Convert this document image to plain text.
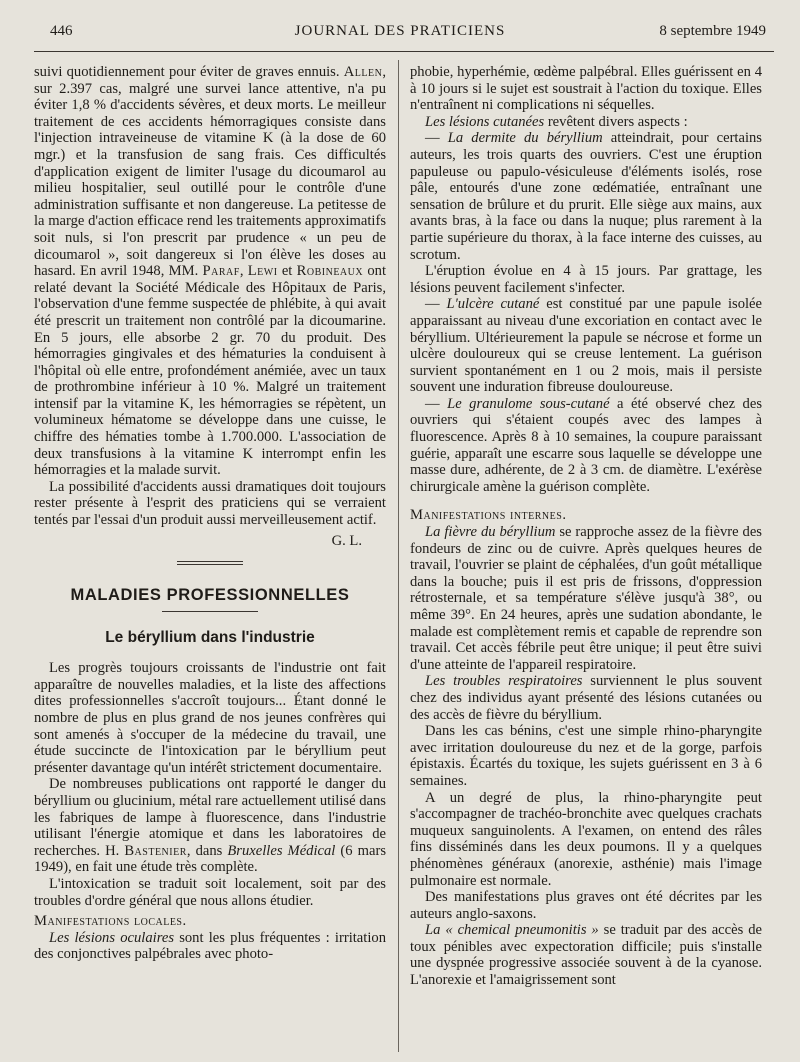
446	JOURNAL DES PRATICIENS	8 septembre 1949

suivi quotidiennement pour éviter de graves ennuis. Allen, sur 2.397 cas, malgré une survei lance attentive, n'a pu éviter 1,8 % d'accidents sévères, et deux morts. Le meilleur traitement de ces accidents hémorragiques consiste dans l'injection intraveineuse de vitamine K (à la dose de 60 mgr.) et la transfusion de sang frais. Ces difficultés d'application exigent de limiter l'usage du dicoumarol au milieu hospitalier, seul outillé pour le contrôle d'une administration suffisante et non dangereuse. La petitesse de la marge d'action efficace rend les traitements approximatifs soit nuls, si l'on prescrit par prudence « un peu de dicoumarol », soit dangereux si l'on élève les doses au hasard. En avril 1948, MM. Paraf, Lewi et Robineaux ont relaté devant la Société Médicale des Hôpitaux de Paris, l'observation d'une femme suspectée de phlébite, à qui avait été prescrit un traitement non contrôlé par la dicoumarine. En 5 jours, elle absorbe 2 gr. 70 du produit. Des hémorragies gingivales et des hématuries la conduisent à l'hôpital où elle entre, profondément anémiée, avec un taux de prothrombine inférieur à 10 %. Malgré un traitement intensif par la vitamine K, les hémorragies se répètent, un volumineux hématome se développe dans une cuisse, le chiffre des hématies tombe à 1.700.000. L'association de deux transfusions à la vitamine K interrompt enfin les hémorragies et la malade survit.

La possibilité d'accidents aussi dramatiques doit toujours rester présente à l'esprit des praticiens qui se verraient tentés par l'essai d'un produit aussi merveilleusement actif.

G. L.
MALADIES PROFESSIONNELLES
Le béryllium dans l'industrie

Les progrès toujours croissants de l'industrie ont fait apparaître de nouvelles maladies, et la liste des affections dites professionnelles s'accroît toujours... Étant donné le nombre de plus en plus grand de nos jeunes confrères qui sont amenés à s'occuper de la médecine du travail, une étude succincte de l'intoxication par le béryllium peut présenter davantage qu'un intérêt strictement documentaire.

De nombreuses publications ont rapporté le danger du béryllium ou glucinium, métal rare actuellement utilisé dans les fabriques de lampe à fluorescence, dans l'industrie utilisant l'énergie atomique et dans les laboratoires de recherches. H. Bastenier, dans Bruxelles Médical (6 mars 1949), en fait une étude très complète.

L'intoxication se traduit soit localement, soit par des troubles d'ordre général que nous allons étudier.

Manifestations locales.

Les lésions oculaires sont les plus fréquentes : irritation des conjonctives palpébrales avec photo-

phobie, hyperhémie, œdème palpébral. Elles guérissent en 4 à 10 jours si le sujet est soustrait à l'action du toxique. Elles n'entraînent ni complications ni séquelles.

Les lésions cutanées revêtent divers aspects :

— La dermite du béryllium atteindrait, pour certains auteurs, les trois quarts des ouvriers. C'est une éruption papuleuse ou papulo-vésiculeuse d'éléments isolés, rose pâle, entourés d'une zone œdématiée, entraînant une sensation de brûlure et du prurit. Elle siège aux mains, aux avants bras, à la face ou dans la nuque; plus rarement à la partie supérieure du thorax, à la face interne des cuisses, au scrotum.

L'éruption évolue en 4 à 15 jours. Par grattage, les lésions peuvent facilement s'infecter.

— L'ulcère cutané est constitué par une papule isolée apparaissant au niveau d'une excoriation en contact avec le béryllium. Ultérieurement la papule se nécrose et forme un ulcère douloureux qui se creuse lentement. La guérison survient spontanément en 1 ou 2 mois, mais il persiste souvent une induration fibreuse douloureuse.

— Le granulome sous-cutané a été observé chez des ouvriers qui s'étaient coupés avec des lampes à fluorescence. Après 8 à 10 semaines, la coupure paraissant guérie, apparaît une escarre sous laquelle se développe une masse dure, adhérente, de 2 à 3 cm. de diamètre. L'exérèse chirurgicale amène la guérison complète.

Manifestations internes.

La fièvre du béryllium se rapproche assez de la fièvre des fondeurs de zinc ou de cuivre. Après quelques heures de travail, l'ouvrier se plaint de céphalées, d'un goût métallique dans la bouche; puis il est pris de frissons, d'oppression rétrosternale, et sa température s'élève jusqu'à 38°, ou même 39°. En 24 heures, après une sudation abondante, le malade est complètement remis et capable de reprendre son travail. Cet accès fébrile peut être unique; il peut être suivi d'une atteinte de l'appareil respiratoire.

Les troubles respiratoires surviennent le plus souvent chez des individus ayant présenté des lésions cutanées ou des accès de fièvre du béryllium.

Dans les cas bénins, c'est une simple rhino-pharyngite avec irritation douloureuse du nez et de la gorge, parfois épistaxis. Écartés du toxique, les sujets guérissent en 3 à 6 semaines.

A un degré de plus, la rhino-pharyngite peut s'accompagner de trachéo-bronchite avec quelques crachats muqueux sanguinolents. A l'examen, on entend des râles fins disséminés dans les deux poumons. Il y a quelques phénomènes généraux (anorexie, asthénie) mais l'image pulmonaire est normale.

Des manifestations plus graves ont été décrites par les auteurs anglo-saxons.

La « chemical pneumonitis » se traduit par des accès de toux pénibles avec expectoration difficile; puis s'installe une dyspnée progressive associée souvent à de la cyanose. L'anorexie et l'amaigrissement sont
